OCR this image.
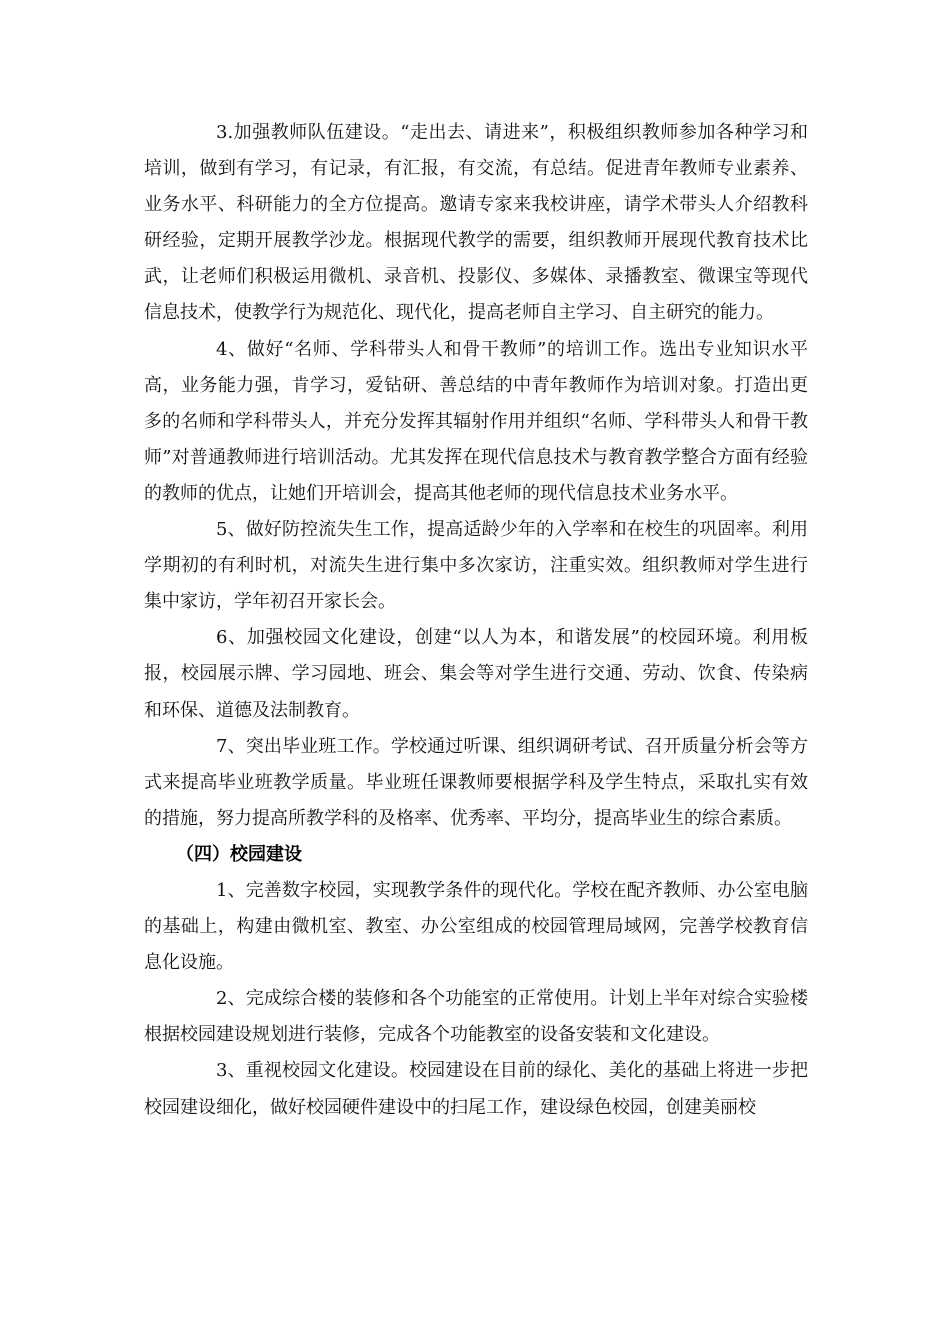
3.加强教师队伍建设。“走出去、请进来”，积极组织教师参加各种学习和培训，做到有学习，有记录，有汇报，有交流，有总结。促进青年教师专业素养、业务水平、科研能力的全方位提高。邀请专家来我校讲座，请学术带头人介绍教科研经验，定期开展教学沙龙。根据现代教学的需要，组织教师开展现代教育技术比武，让老师们积极运用微机、录音机、投影仪、多媒体、录播教室、微课宝等现代信息技术，使教学行为规范化、现代化，提高老师自主学习、自主研究的能力。

4、做好“名师、学科带头人和骨干教师”的培训工作。选出专业知识水平高，业务能力强，肯学习，爱钻研、善总结的中青年教师作为培训对象。打造出更多的名师和学科带头人，并充分发挥其辐射作用并组织“名师、学科带头人和骨干教师”对普通教师进行培训活动。尤其发挥在现代信息技术与教育教学整合方面有经验的教师的优点，让她们开培训会，提高其他老师的现代信息技术业务水平。

5、做好防控流失生工作，提高适龄少年的入学率和在校生的巩固率。利用学期初的有利时机，对流失生进行集中多次家访，注重实效。组织教师对学生进行集中家访，学年初召开家长会。

6、加强校园文化建设，创建“以人为本，和谐发展”的校园环境。利用板报，校园展示牌、学习园地、班会、集会等对学生进行交通、劳动、饮食、传染病和环保、道德及法制教育。

7、突出毕业班工作。学校通过听课、组织调研考试、召开质量分析会等方式来提高毕业班教学质量。毕业班任课教师要根据学科及学生特点，采取扎实有效的措施，努力提高所教学科的及格率、优秀率、平均分，提高毕业生的综合素质。

（四）校园建设

1、完善数字校园，实现教学条件的现代化。学校在配齐教师、办公室电脑的基础上，构建由微机室、教室、办公室组成的校园管理局域网，完善学校教育信息化设施。

2、完成综合楼的装修和各个功能室的正常使用。计划上半年对综合实验楼根据校园建设规划进行装修，完成各个功能教室的设备安装和文化建设。

3、重视校园文化建设。校园建设在目前的绿化、美化的基础上将进一步把校园建设细化，做好校园硬件建设中的扫尾工作，建设绿色校园，创建美丽校
